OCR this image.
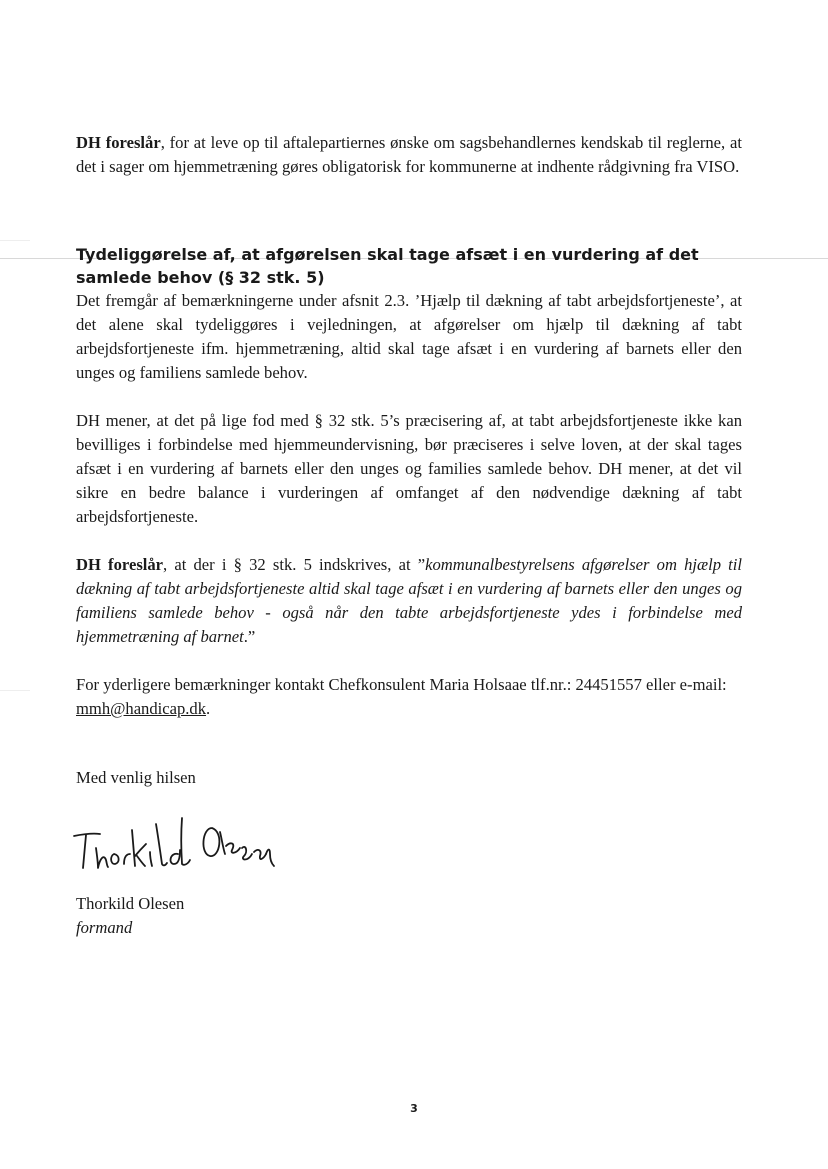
DH foreslår, for at leve op til aftalepartiernes ønske om sagsbehandlernes kendskab til reglerne, at det i sager om hjemmetræning gøres obligatorisk for kommunerne at indhente rådgivning fra VISO.
Tydeliggørelse af, at afgørelsen skal tage afsæt i en vurdering af det samlede behov (§ 32 stk. 5)
Det fremgår af bemærkningerne under afsnit 2.3. ’Hjælp til dækning af tabt arbejdsfortjeneste’, at det alene skal tydeliggøres i vejledningen, at afgørelser om hjælp til dækning af tabt arbejdsfortjeneste ifm. hjemmetræning, altid skal tage afsæt i en vurdering af barnets eller den unges og familiens samlede behov.
DH mener, at det på lige fod med § 32 stk. 5’s præcisering af, at tabt arbejdsfortjeneste ikke kan bevilliges i forbindelse med hjemmeundervisning, bør præciseres i selve loven, at der skal tages afsæt i en vurdering af barnets eller den unges og families samlede behov. DH mener, at det vil sikre en bedre balance i vurderingen af omfanget af den nødvendige dækning af tabt arbejdsfortjeneste.
DH foreslår, at der i § 32 stk. 5 indskrives, at ”kommunalbestyrelsens afgørelser om hjælp til dækning af tabt arbejdsfortjeneste altid skal tage afsæt i en vurdering af barnets eller den unges og familiens samlede behov - også når den tabte arbejdsfortjeneste ydes i forbindelse med hjemmetræning af barnet.”
For yderligere bemærkninger kontakt Chefkonsulent Maria Holsaae tlf.nr.: 24451557 eller e-mail: mmh@handicap.dk.
Med venlig hilsen
Thorkild Olesen
formand
3
